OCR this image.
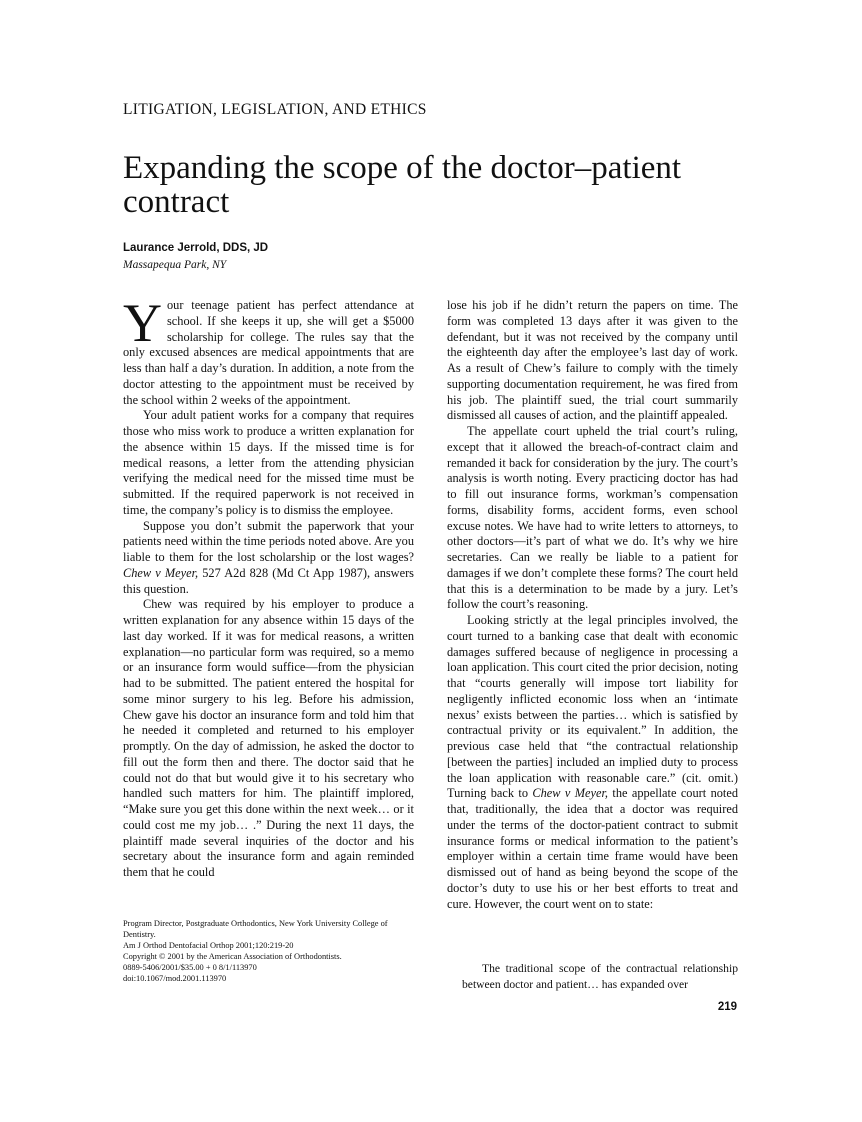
LITIGATION, LEGISLATION, AND ETHICS
Expanding the scope of the doctor–patient contract
Laurance Jerrold, DDS, JD
Massapequa Park, NY

Your teenage patient has perfect attendance at school. If she keeps it up, she will get a $5000 scholarship for college. The rules say that the only excused absences are medical appointments that are less than half a day’s duration. In addition, a note from the doctor attesting to the appointment must be received by the school within 2 weeks of the appointment.

Your adult patient works for a company that requires those who miss work to produce a written explanation for the absence within 15 days. If the missed time is for medical reasons, a letter from the attending physician verifying the medical need for the missed time must be submitted. If the required paperwork is not received in time, the company’s policy is to dismiss the employee.

Suppose you don’t submit the paperwork that your patients need within the time periods noted above. Are you liable to them for the lost scholarship or the lost wages? Chew v Meyer, 527 A2d 828 (Md Ct App 1987), answers this question.

Chew was required by his employer to produce a written explanation for any absence within 15 days of the last day worked. If it was for medical reasons, a written explanation—no particular form was required, so a memo or an insurance form would suffice—from the physician had to be submitted. The patient entered the hospital for some minor surgery to his leg. Before his admission, Chew gave his doctor an insurance form and told him that he needed it completed and returned to his employer promptly. On the day of admission, he asked the doctor to fill out the form then and there. The doctor said that he could not do that but would give it to his secretary who handled such matters for him. The plaintiff implored, “Make sure you get this done within the next week… or it could cost me my job… .” During the next 11 days, the plaintiff made several inquiries of the doctor and his secretary about the insurance form and again reminded them that he could

lose his job if he didn’t return the papers on time. The form was completed 13 days after it was given to the defendant, but it was not received by the company until the eighteenth day after the employee’s last day of work. As a result of Chew’s failure to comply with the timely supporting documentation requirement, he was fired from his job. The plaintiff sued, the trial court summarily dismissed all causes of action, and the plaintiff appealed.

The appellate court upheld the trial court’s ruling, except that it allowed the breach-of-contract claim and remanded it back for consideration by the jury. The court’s analysis is worth noting. Every practicing doctor has had to fill out insurance forms, workman’s compensation forms, disability forms, accident forms, even school excuse notes. We have had to write letters to attorneys, to other doctors—it’s part of what we do. It’s why we hire secretaries. Can we really be liable to a patient for damages if we don’t complete these forms? The court held that this is a determination to be made by a jury. Let’s follow the court’s reasoning.

Looking strictly at the legal principles involved, the court turned to a banking case that dealt with economic damages suffered because of negligence in processing a loan application. This court cited the prior decision, noting that “courts generally will impose tort liability for negligently inflicted economic loss when an ‘intimate nexus’ exists between the parties… which is satisfied by contractual privity or its equivalent.” In addition, the previous case held that “the contractual relationship [between the parties] included an implied duty to process the loan application with reasonable care.” (cit. omit.) Turning back to Chew v Meyer, the appellate court noted that, traditionally, the idea that a doctor was required under the terms of the doctor-patient contract to submit insurance forms or medical information to the patient’s employer within a certain time frame would have been dismissed out of hand as being beyond the scope of the doctor’s duty to use his or her best efforts to treat and cure. However, the court went on to state:

The traditional scope of the contractual relationship between doctor and patient… has expanded over

Program Director, Postgraduate Orthodontics, New York University College of Dentistry.
Am J Orthod Dentofacial Orthop 2001;120:219-20
Copyright © 2001 by the American Association of Orthodontists.
0889-5406/2001/$35.00 + 0 8/1/113970
doi:10.1067/mod.2001.113970
219
